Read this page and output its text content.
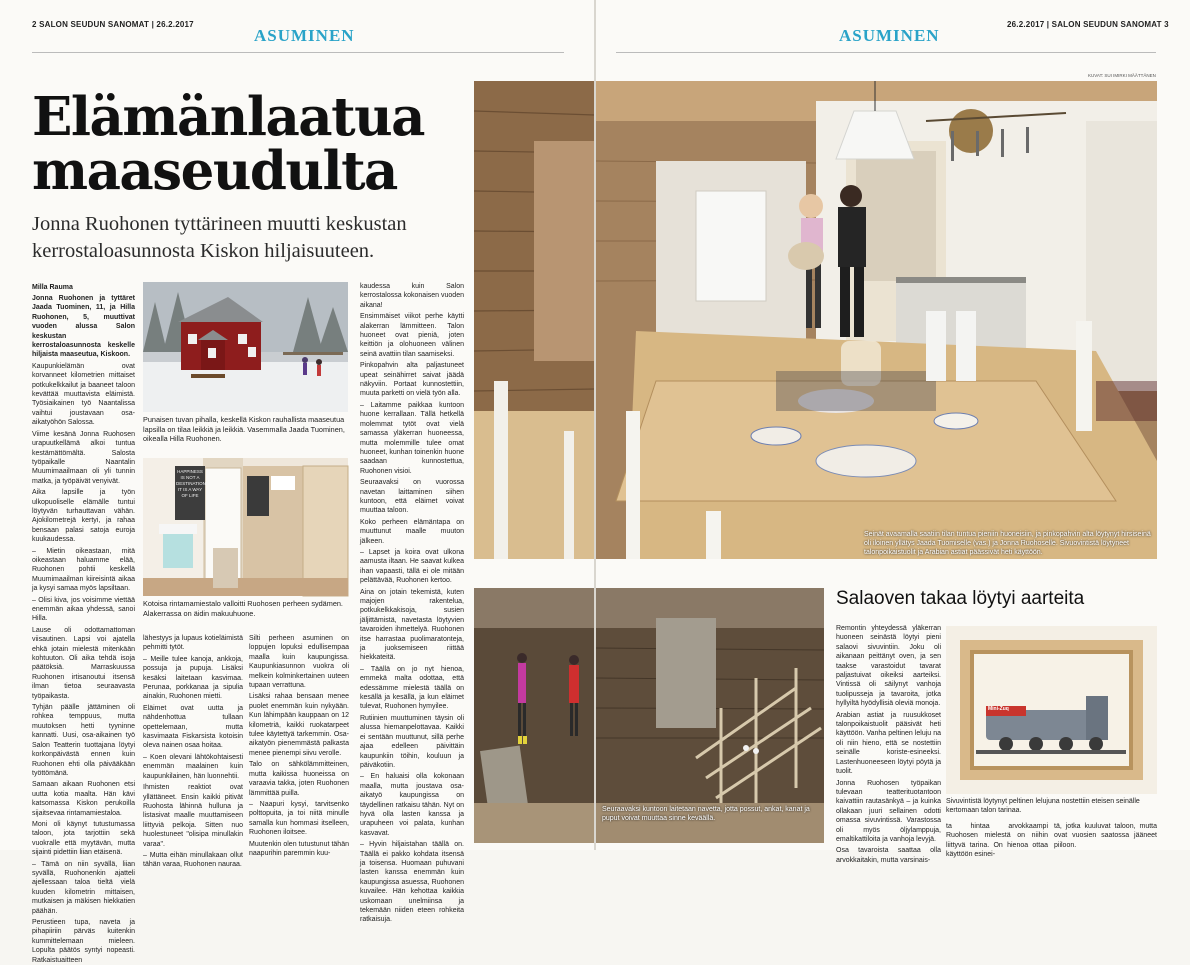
2 SALON SEUDUN SANOMAT | 26.2.2017
ASUMINEN
Elämänlaatua maaseudulta
Jonna Ruohonen tyttärineen muutti keskustan kerrostaloasunnosta Kiskon hiljaisuuteen.
Milla Rauma

Jonna Ruohonen ja tyttäret Jaada Tuominen, 11, ja Hilla Ruohonen, 5, muuttivat vuoden alussa Salon keskustan kerrostaloasunnosta keskelle hiljaista maaseutua, Kiskoon.

Kaupunkielämän ovat korvanneet kilometrien mittaiset potkukelkkailut ja baaneet taloon kevättää muuttavista eläimistä. Työsiaikainen työ Naantalissa vaihtui joustavaan osa-aikatyöhön Salossa.

Viime kesänä Jonna Ruohosen urapuutkellämä alkoi tuntua kestämättömältä. Salosta työpaikalle Naantalin Muumimaailmaan oli yli tunnin matka, ja työpäivät venyivät.

Aika lapsille ja työn ulkopuoliselle elämälle tuntui löytyvän turhauttavan vähän. Ajokilometrejä kertyi, ja rahaa bensaan palasi satoja euroja kuukaudessa.

– Mietin oikeastaan, mitä oikeastaan haluamme elää, Ruohonen pohtii keskellä Muumimaailman kiireisintä aikaa ja kysyi samaa myös lapsiltaan.

– Olisi kiva, jos voisimme viettää enemmän aikaa yhdessä, sanoi Hilla.

Lause oli odottamattoman viisautinen. Lapsi voi ajatella ehkä jotain mielestä mitenkään kohtuuton. Oli aika tehdä isoja päätöksiä. Marraskuussa Ruohonen irtisanoutui itsensä ilman tietoa seuraavasta työpaikasta.

Tyhjän päälle jättäminen oli rohkea temppuus, mutta muutoksen hetti tyyninne kannatti. Uusi, osa-aikainen työ Salon Teatterin tuottajana löytyi korkonpäivästä ennen kuin Ruohonen ehti olla päivääkään työttömänä.

Samaan aikaan Ruohonen etsi uutta kotia maalta. Hän kävi katsomassa Kiskon perukoilla sijaitsevaa rintamamiestaloa.

Moni oli käynyt tutustumassa taloon, jota tarjottiin sekä vuokralle että myytävän, mutta sijainti pidettiin liian etäisenä.

– Tämä on niin syvällä, liian syvällä, Ruohonenkin ajatteli ajellessaan taloa tieltä vielä kuuden kilometrin mittaisen, mutkaisen ja mäkisen hiekkatien päähän.

Perustieen tupa, naveta ja pihapiiriin pärväs kuitenkin kummittelemaan mieleen. Lopulta päätös syntyi nopeasti. Ratkaistuaitteen

Punaisen tuvan pihalla, keskellä Kiskon rauhallista maaseutua lapsilla on tilaa leikkiä ja leikkiä. Vasemmalla Jaada Tuominen, oikealla Hilla Ruohonen.
HAPPINESS IS NOT A DESTINATION IT IS A WAY OF LIFE
Kotoisa rintamamiestalo valloitti Ruohosen perheen sydämen. Alakerrassa on äidin makuuhuone.

lähestyys ja lupaus kotieläimistä pehmitti tytöt.

– Meille tulee kanoja, ankkoja, possuja ja pupuja. Lisäksi kesäksi laitetaan kasvimaa. Perunaa, porkkanaa ja sipulia ainakin, Ruohonen mietti.

Eläimet ovat uutta ja nähdenhottua tullaan opettelemaan, mutta kasvimaata Fiskarsista kotoisin oleva nainen osaa hoitaa.

– Koen olevani lähtökohtaisesti enemmän maalainen kuin kaupunkilainen, hän luonnehtii.

Ihmisten reaktiot ovat yllättäneet. Ensin kaikki pitivät Ruohosta lähinnä hulluna ja listasivat maalle muuttamiseen liittyviä pelkoja. Sitten nuo huolestuneet "olisipa minullakin varaa".

– Mutta eihän minullakaan ollut tähän varaa, Ruohonen nauraa.

Silti perheen asuminen on loppujen lopuksi edullisempaa maalla kuin kaupungissa. Kaupunkiasunnon vuokra oli melkein kolminkertainen uuteen tupaan verrattuna.

Lisäksi rahaa bensaan menee puolet enemmän kuin nykyään. Kun lähimpään kauppaan on 12 kilometriä, kaikki ruokatarpeet tulee käytettyä tarkemmin. Osa-aikatyön pienemmästä palkasta menee pienempi siivu verolle.

Talo on sähkölämmitteinen, mutta kaikissa huoneissa on varaavia takka, joten Ruohonen lämmittää puilla.

– Naapuri kysyi, tarvitsenko polttopuita, ja toi niitä minulle samalla kun hommasi itselleen, Ruohonen iloitsee.

Muutenkin olen tutustunut tähän naapurihin paremmin kuu-

kaudessa kuin Salon kerrostalossa kokonaisen vuoden aikana!

Ensimmäiset viikot perhe käytti alakerran lämmitteen. Talon huoneet ovat pieniä, joten keittiön ja olohuoneen välinen seinä avattiin tilan saamiseksi.

Pinkopahvin alta paljastuneet upeat seinähirret saivat jäädä näkyviin. Portaat kunnostettiin, muuta parketti on vielä työn alla.

– Laitamme paikkaa kuntoon huone kerrallaan. Tällä hetkellä molemmat tytöt ovat vielä samassa yläkerran huoneessa, mutta molemmille tulee omat huoneet, kunhan toinenkin huone saadaan kunnostettua, Ruohonen visioi.

Seuraavaksi on vuorossa navetan laittaminen siihen kuntoon, että eläimet voivat muuttaa taloon.

Koko perheen elämäntapa on muuttunut maalle muuton jälkeen.

– Lapset ja koira ovat ulkona aamusta iltaan. He saavat kulkea ihan vapaasti, tällä ei ole mitään pelättävää, Ruohonen kertoo.

Aina on jotain tekemistä, kuten majojen rakentelua, potkukelkkakisoja, susien jäljittämistä, navetasta löytyvien tavaroiden ihmettelyä. Ruohonen itse harrastaa puolimaratonteja, ja juoksemiseen riittää hiekkateitä.

– Täällä on jo nyt hienoa, emmekä malta odottaa, että edessämme mielestä täällä on kesällä ja kesällä, ja kun eläimet tulevat, Ruohonen hymyilee.

Rutiinien muuttuminen täysin oli alussa hiemanpelottavaa. Kaikki ei sentään muuttunut, sillä perhe ajaa edelleen päivittäin kaupunkiin töihin, kouluun ja päiväkotiin.

– En haluaisi olla kokonaan maalla, mutta joustava osa-aikatyö kaupungissa on täydellinen ratkaisu tähän. Nyt on hyvä olla lasten kanssa ja urapuheen voi palata, kunhan kasvavat.

– Hyvin hiljaistahan täällä on. Täällä ei pakko kohdata itsensä ja toisensa. Huomaan puhuvani lasten kanssa enemmän kuin kaupungissa asuessa, Ruohonen kuvailee. Hän kehottaa kaikkia uskomaan unelmiinsa ja tekemään niiden eteen rohkeita ratkaisuja.

ASUMINEN
26.2.2017 | SALON SEUDUN SANOMAT 3
KUVAT: SUI IMIRKI MÄÄTTÄNEN
Seinät avaamalla saatiin tilan tuntua pieniin huoneisiin, ja pinkopahvin alta löytynyt hirsiseinä oli iloinen yllätys Jaada Tuomiselle (vas.) ja Jonna Ruohoselle. Sivuovintistä löytyneet talonpoikaistuolit ja Arabian astiat päässivät heti käyttöön.
Seuraavaksi kuntoon laitetaan navetta, jotta possut, ankat, kanat ja puput voivat muuttaa sinne keväällä.
Salaoven takaa löytyi aarteita

Remontin yhteydessä yläkerran huoneen seinästä löytyi pieni salaovi sivuvintiin. Joku oli aikanaan peittänyt oven, ja sen taakse varastoidut tavarat paljastuivat oikeiksi aarteiksi. Vintissä oli säilynyt vanhoja tuolipusseja ja tavaroita, jotka hyllyiltä hyödyllisiä oleviä monoja.

Arabian astiat ja ruusukkoset talonpoikaistuolit pääsivät heti käyttöön. Vanha peltinen leluju na oli niin hieno, että se nostettiin seinälle koriste-esineeksi. Lastenhuoneeseen löytyi pöytä ja tuolit.

Jonna Ruohosen työpaikan tulevaan teatterituotantoon kaivattiin rautasänkyä – ja kuinka ollakaan juuri sellainen odotti omassa sivuvintissä. Varastossa oli myös öljylamppuja, emaltikattiloita ja vanhoja levyjä.

Osa tavaroista saattaa olla arvokkaitakin, mutta varsinais-

Mini-Zuq
Sivuvintistä löytynyt peltinen lelujuna nostettiin eteisen seinälle kertomaan talon tarinaa.

ta hintaa arvokkaampi Ruohosen mielestä on niihin liittyvä tarina. On hienoa ottaa käyttöön esinei-

tä, jotka kuuluvat taloon, mutta ovat vuosien saatossa jääneet piiloon.
